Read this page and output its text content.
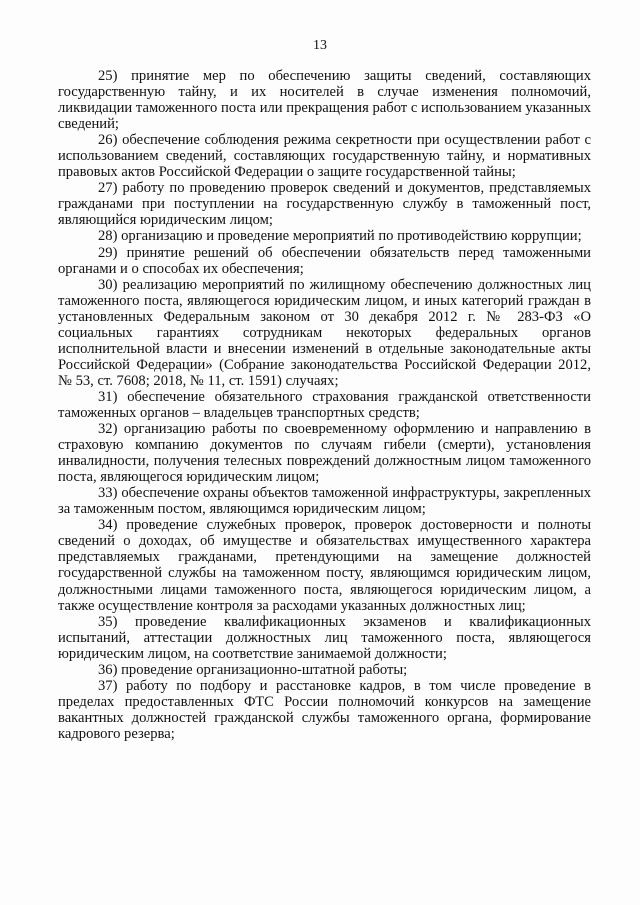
13

25) принятие мер по обеспечению защиты сведений, составляющих государственную тайну, и их носителей в случае изменения полномочий, ликвидации таможенного поста или прекращения работ с использованием указанных сведений;

26) обеспечение соблюдения режима секретности при осуществлении работ с использованием сведений, составляющих государственную тайну, и нормативных правовых актов Российской Федерации о защите государственной тайны;

27) работу по проведению проверок сведений и документов, представляемых гражданами при поступлении на государственную службу в таможенный пост, являющийся юридическим лицом;

28) организацию и проведение мероприятий по противодействию коррупции;

29) принятие решений об обеспечении обязательств перед таможенными органами и о способах их обеспечения;

30) реализацию мероприятий по жилищному обеспечению должностных лиц таможенного поста, являющегося юридическим лицом, и иных категорий граждан в установленных Федеральным законом от 30 декабря 2012 г. № 283-ФЗ «О социальных гарантиях сотрудникам некоторых федеральных органов исполнительной власти и внесении изменений в отдельные законодательные акты Российской Федерации» (Собрание законодательства Российской Федерации 2012, № 53, ст. 7608; 2018, № 11, ст. 1591) случаях;

31) обеспечение обязательного страхования гражданской ответственности таможенных органов – владельцев транспортных средств;

32) организацию работы по своевременному оформлению и направлению в страховую компанию документов по случаям гибели (смерти), установления инвалидности, получения телесных повреждений должностным лицом таможенного поста, являющегося юридическим лицом;

33) обеспечение охраны объектов таможенной инфраструктуры, закрепленных за таможенным постом, являющимся юридическим лицом;

34) проведение служебных проверок, проверок достоверности и полноты сведений о доходах, об имуществе и обязательствах имущественного характера представляемых гражданами, претендующими на замещение должностей государственной службы на таможенном посту, являющимся юридическим лицом, должностными лицами таможенного поста, являющегося юридическим лицом, а также осуществление контроля за расходами указанных должностных лиц;

35) проведение квалификационных экзаменов и квалификационных испытаний, аттестации должностных лиц таможенного поста, являющегося юридическим лицом, на соответствие занимаемой должности;

36) проведение организационно-штатной работы;

37) работу по подбору и расстановке кадров, в том числе проведение в пределах предоставленных ФТС России полномочий конкурсов на замещение вакантных должностей гражданской службы таможенного органа, формирование кадрового резерва;
